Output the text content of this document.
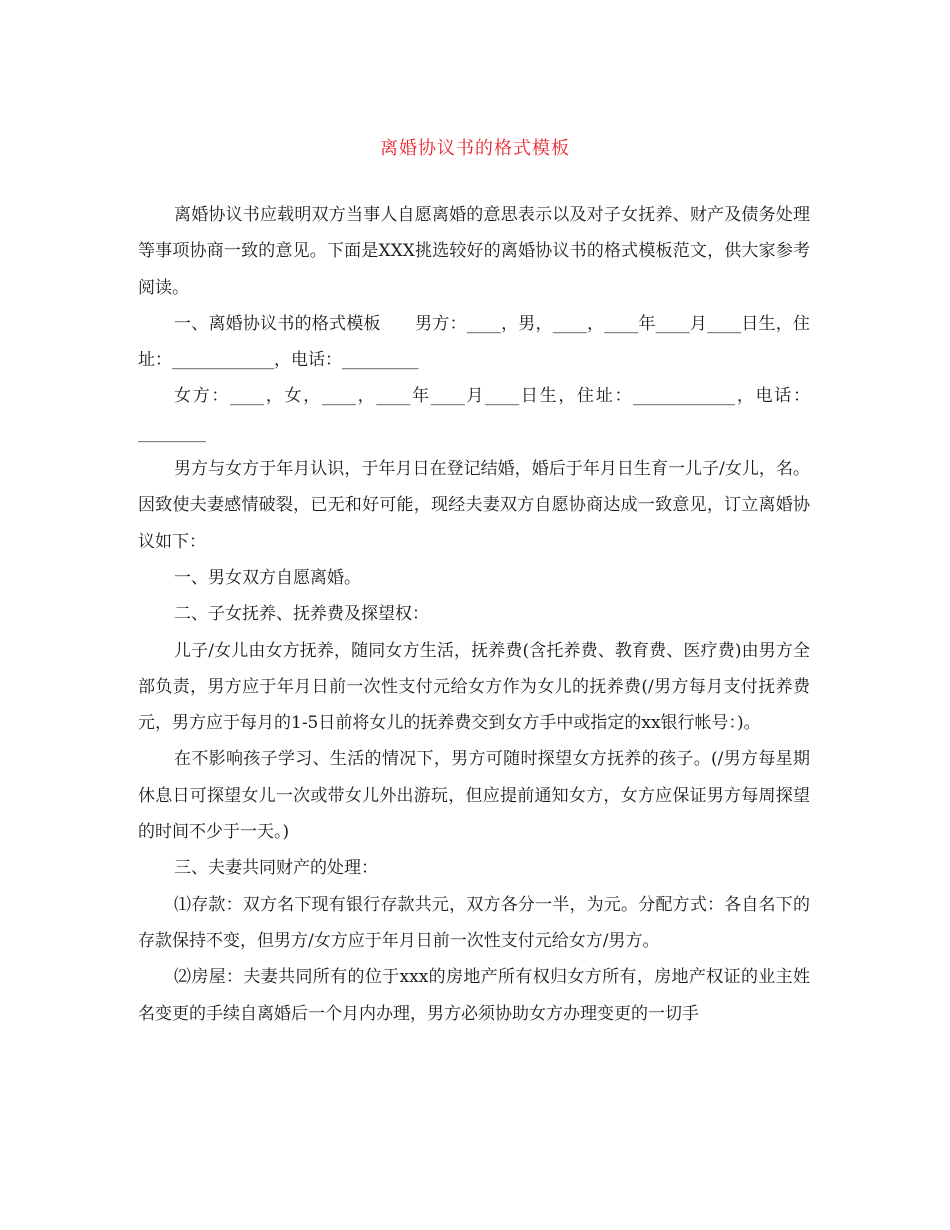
离婚协议书的格式模板

离婚协议书应载明双方当事人自愿离婚的意思表示以及对子女抚养、财产及债务处理等事项协商一致的意见。下面是XXX挑选较好的离婚协议书的格式模板范文，供大家参考阅读。

一、离婚协议书的格式模板　　男方：____，男，____，____年____月____日生，住址：____________，电话：_________

女方：____，女，____，____年____月____日生，住址：____________，电话：________

男方与女方于年月认识，于年月日在登记结婚，婚后于年月日生育一儿子/女儿，名。因致使夫妻感情破裂，已无和好可能，现经夫妻双方自愿协商达成一致意见，订立离婚协议如下：

一、男女双方自愿离婚。

二、子女抚养、抚养费及探望权：

儿子/女儿由女方抚养，随同女方生活，抚养费(含托养费、教育费、医疗费)由男方全部负责，男方应于年月日前一次性支付元给女方作为女儿的抚养费(/男方每月支付抚养费元，男方应于每月的1-5日前将女儿的抚养费交到女方手中或指定的xx银行帐号：)。

在不影响孩子学习、生活的情况下，男方可随时探望女方抚养的孩子。(/男方每星期休息日可探望女儿一次或带女儿外出游玩，但应提前通知女方，女方应保证男方每周探望的时间不少于一天。)

三、夫妻共同财产的处理：

⑴存款：双方名下现有银行存款共元，双方各分一半，为元。分配方式：各自名下的存款保持不变，但男方/女方应于年月日前一次性支付元给女方/男方。

⑵房屋：夫妻共同所有的位于xxx的房地产所有权归女方所有，房地产权证的业主姓名变更的手续自离婚后一个月内办理，男方必须协助女方办理变更的一切手
